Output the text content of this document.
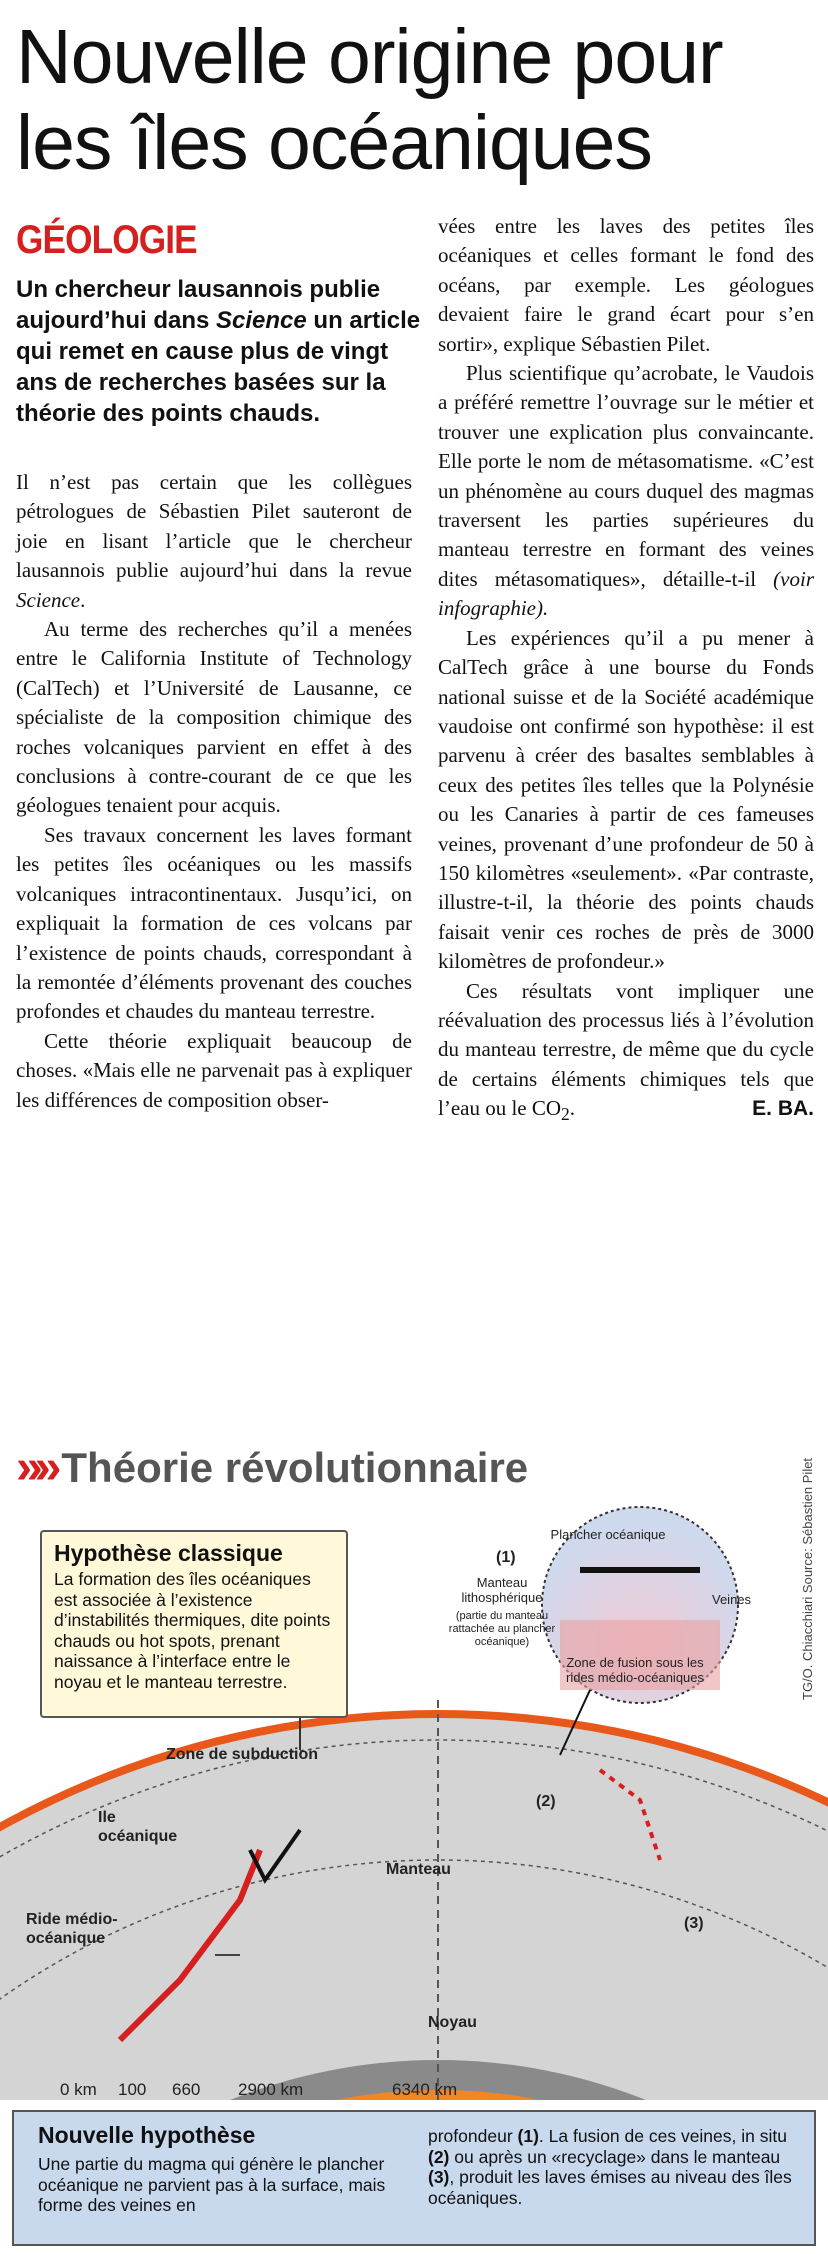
Nouvelle origine pour les îles océaniques
GÉOLOGIE

Un chercheur lausannois publie aujourd’hui dans Science un article qui remet en cause plus de vingt ans de recherches basées sur la théorie des points chauds.

Il n’est pas certain que les collègues pétrologues de Sébastien Pilet sauteront de joie en lisant l’article que le chercheur lausannois publie aujourd’hui dans la revue Science.

Au terme des recherches qu’il a menées entre le California Institute of Technology (CalTech) et l’Université de Lausanne, ce spécialiste de la composition chimique des roches volcaniques parvient en effet à des conclusions à contre-courant de ce que les géologues tenaient pour acquis.

Ses travaux concernent les laves formant les petites îles océaniques ou les massifs volcaniques intracontinentaux. Jusqu’ici, on expliquait la formation de ces volcans par l’existence de points chauds, correspondant à la remontée d’éléments provenant des couches profondes et chaudes du manteau terrestre.

Cette théorie expliquait beaucoup de choses. «Mais elle ne parvenait pas à expliquer les différences de composition obser-

vées entre les laves des petites îles océaniques et celles formant le fond des océans, par exemple. Les géologues devaient faire le grand écart pour s’en sortir», explique Sébastien Pilet.

Plus scientifique qu’acrobate, le Vaudois a préféré remettre l’ouvrage sur le métier et trouver une explication plus convaincante. Elle porte le nom de métasomatisme. «C’est un phénomène au cours duquel des magmas traversent les parties supérieures du manteau terrestre en formant des veines dites métasomatiques», détaille-t-il (voir infographie).

Les expériences qu’il a pu mener à CalTech grâce à une bourse du Fonds national suisse et de la Société académique vaudoise ont confirmé son hypothèse: il est parvenu à créer des basaltes semblables à ceux des petites îles telles que la Polynésie ou les Canaries à partir de ces fameuses veines, provenant d’une profondeur de 50 à 150 kilomètres «seulement». «Par contraste, illustre-t-il, la théorie des points chauds faisait venir ces roches de près de 3000 kilomètres de profondeur.»

Ces résultats vont impliquer une réévaluation des processus liés à l’évolution du manteau terrestre, de même que du cycle de certains éléments chimiques tels que l’eau ou le $CO_2$.	E. BA.

»» Théorie révolutionnaire
Hypothèse classique

La formation des îles océaniques est associée à l’existence d’instabilités thermiques, dite points chauds ou hot spots, prenant naissance à l’interface entre le noyau et le manteau terrestre.

Zone de subduction
Ile océanique
Ride médio-océanique
Manteau
Noyau
(2)
(3)
Plancher océanique
(1)
Manteau lithosphérique
(partie du manteau rattachée au plancher océanique)
Veines
Zone de fusion sous les rides médio-océaniques
0 km 100 660 2900 km	6340 km
TG/O. Chiacchiari Source: Sébastien Pilet
Nouvelle hypothèse
Une partie du magma qui génère le plancher océanique ne parvient pas à la surface, mais forme des veines en
profondeur (1). La fusion de ces veines, in situ (2) ou après un «recyclage» dans le manteau (3), produit les laves émises au niveau des îles océaniques.
